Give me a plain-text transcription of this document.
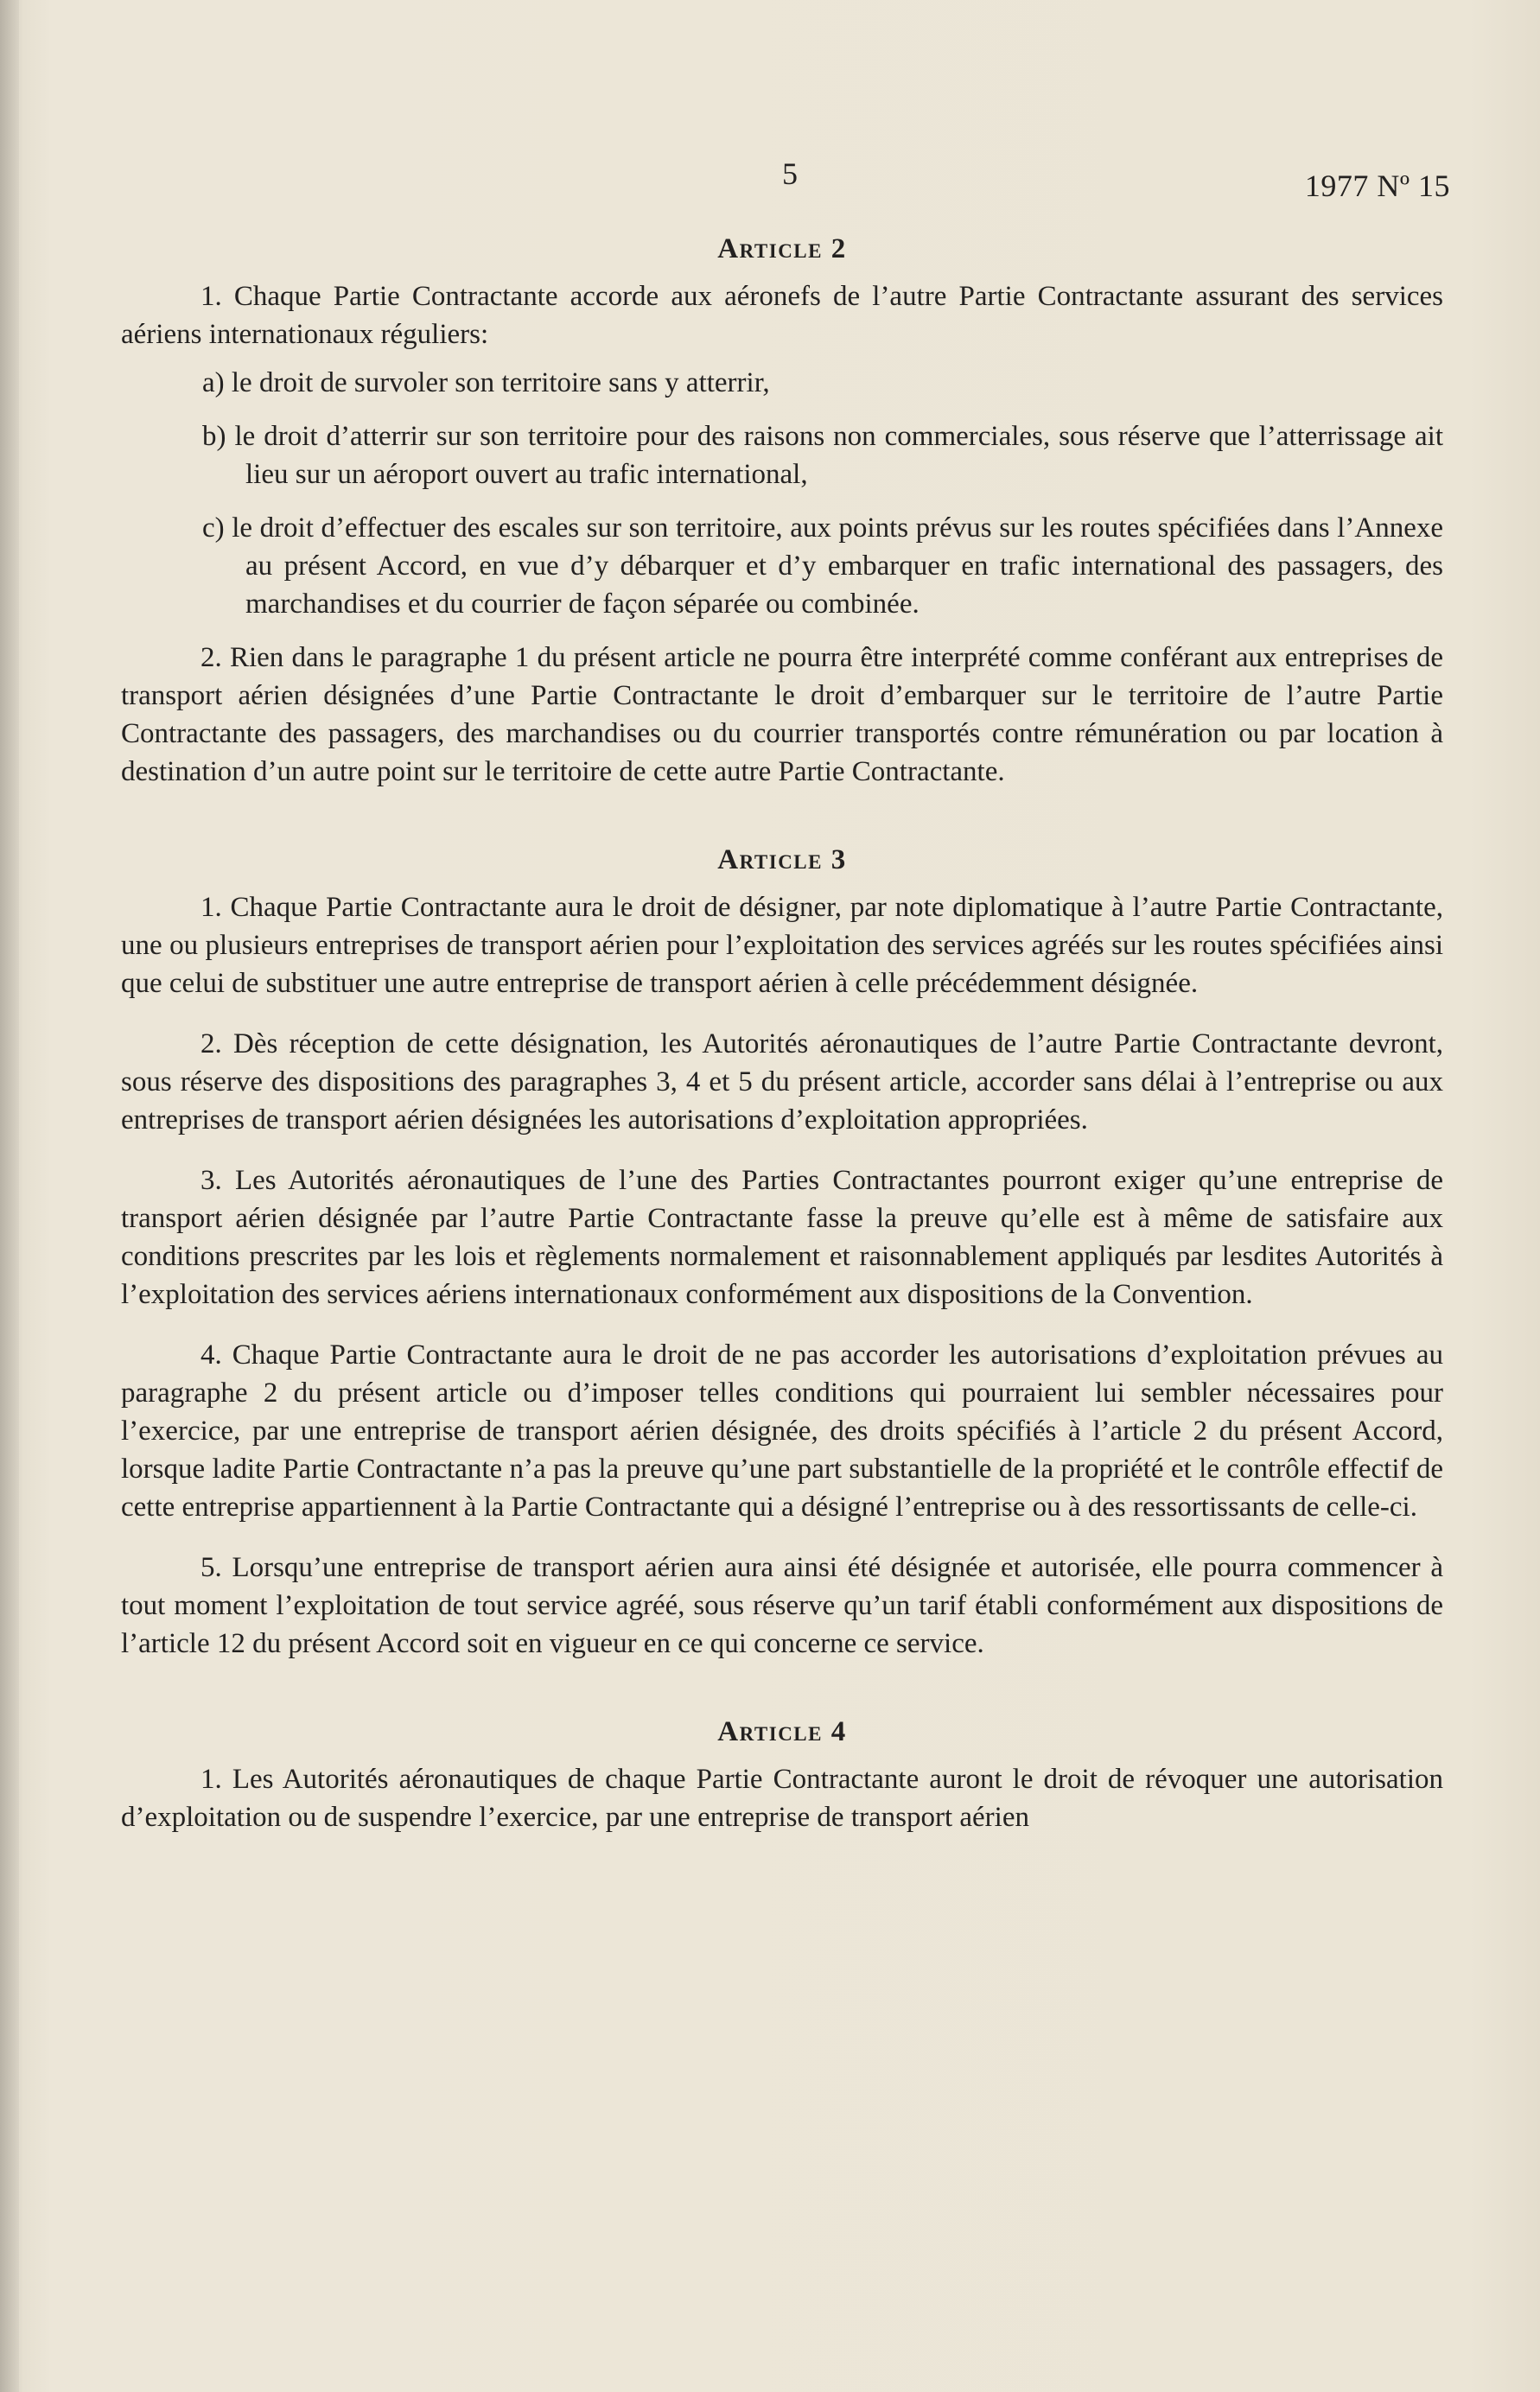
5	1977 Nº 15
Article 2

1. Chaque Partie Contractante accorde aux aéronefs de l’autre Partie Contractante assurant des services aériens internationaux réguliers:

a) le droit de survoler son territoire sans y atterrir,

b) le droit d’atterrir sur son territoire pour des raisons non commerciales, sous réserve que l’atterrissage ait lieu sur un aéroport ouvert au trafic international,

c) le droit d’effectuer des escales sur son territoire, aux points prévus sur les routes spécifiées dans l’Annexe au présent Accord, en vue d’y débarquer et d’y embarquer en trafic international des passagers, des marchandises et du courrier de façon séparée ou combinée.

2. Rien dans le paragraphe 1 du présent article ne pourra être interprété comme conférant aux entreprises de transport aérien désignées d’une Partie Contractante le droit d’embarquer sur le territoire de l’autre Partie Contractante des passagers, des marchandises ou du courrier transportés contre rémunération ou par location à destination d’un autre point sur le territoire de cette autre Partie Contractante.

Article 3

1. Chaque Partie Contractante aura le droit de désigner, par note diplomatique à l’autre Partie Contractante, une ou plusieurs entreprises de transport aérien pour l’exploitation des services agréés sur les routes spécifiées ainsi que celui de substituer une autre entreprise de transport aérien à celle précédemment désignée.

2. Dès réception de cette désignation, les Autorités aéronautiques de l’autre Partie Contractante devront, sous réserve des dispositions des paragraphes 3, 4 et 5 du présent article, accorder sans délai à l’entreprise ou aux entreprises de transport aérien désignées les autorisations d’exploitation appropriées.

3. Les Autorités aéronautiques de l’une des Parties Contractantes pourront exiger qu’une entreprise de transport aérien désignée par l’autre Partie Contractante fasse la preuve qu’elle est à même de satisfaire aux conditions prescrites par les lois et règlements normalement et raisonnablement appliqués par lesdites Autorités à l’exploitation des services aériens internationaux conformément aux dispositions de la Convention.

4. Chaque Partie Contractante aura le droit de ne pas accorder les autorisations d’exploitation prévues au paragraphe 2 du présent article ou d’imposer telles conditions qui pourraient lui sembler nécessaires pour l’exercice, par une entreprise de transport aérien désignée, des droits spécifiés à l’article 2 du présent Accord, lorsque ladite Partie Contractante n’a pas la preuve qu’une part substantielle de la propriété et le contrôle effectif de cette entreprise appartiennent à la Partie Contractante qui a désigné l’entreprise ou à des ressortissants de celle-ci.

5. Lorsqu’une entreprise de transport aérien aura ainsi été désignée et autorisée, elle pourra commencer à tout moment l’exploitation de tout service agréé, sous réserve qu’un tarif établi conformément aux dispositions de l’article 12 du présent Accord soit en vigueur en ce qui concerne ce service.

Article 4

1. Les Autorités aéronautiques de chaque Partie Contractante auront le droit de révoquer une autorisation d’exploitation ou de suspendre l’exercice, par une entreprise de transport aérien
